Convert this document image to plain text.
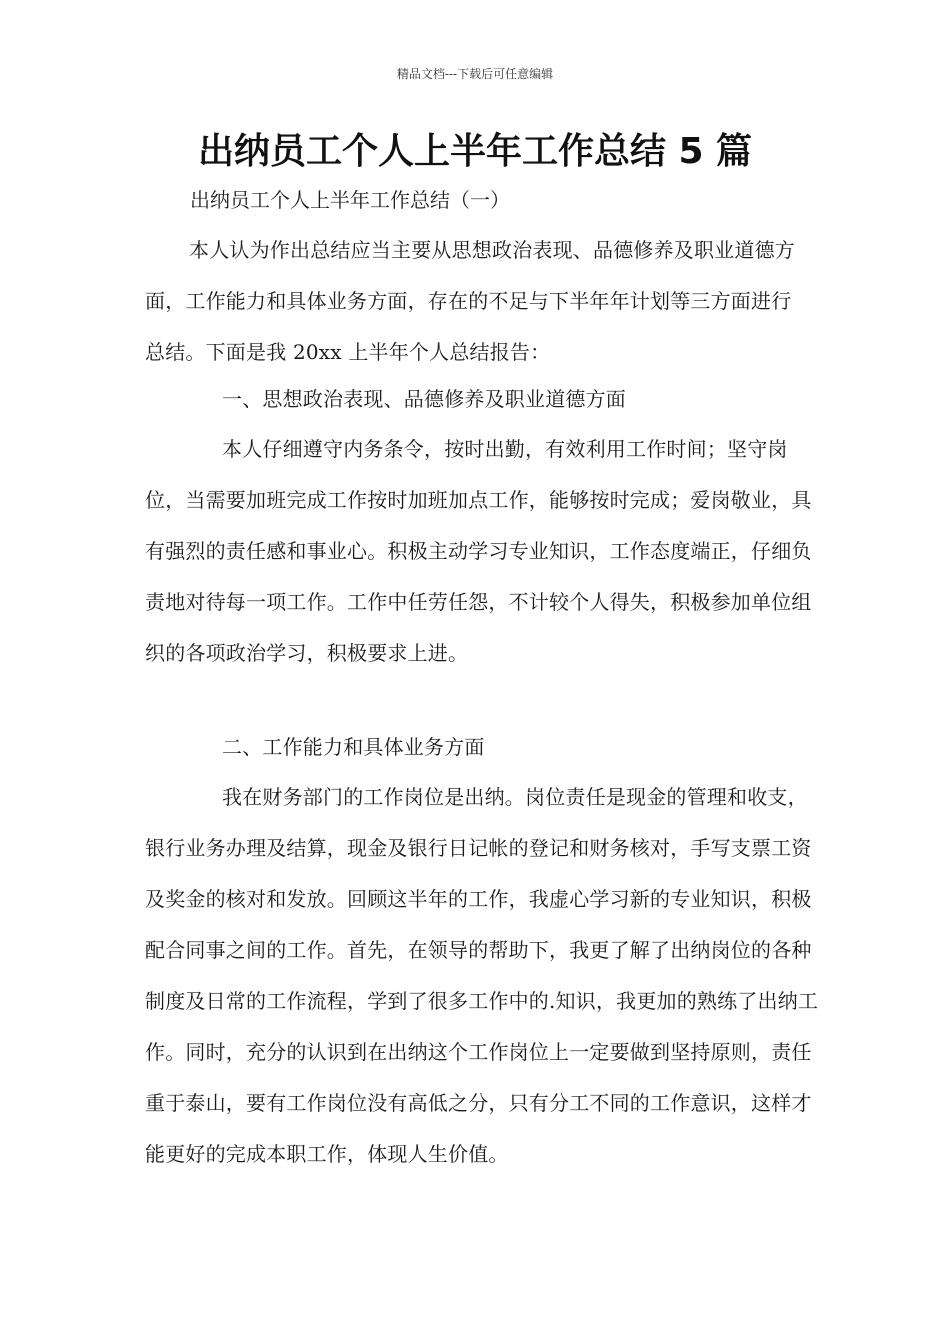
精品文档---下载后可任意编辑
出纳员工个人上半年工作总结 5 篇
出纳员工个人上半年工作总结（一）
本人认为作出总结应当主要从思想政治表现、品德修养及职业道德方面，工作能力和具体业务方面，存在的不足与下半年年计划等三方面进行总结。下面是我 20xx 上半年个人总结报告：
一、思想政治表现、品德修养及职业道德方面
本人仔细遵守内务条令，按时出勤，有效利用工作时间；坚守岗位，当需要加班完成工作按时加班加点工作，能够按时完成；爱岗敬业，具有强烈的责任感和事业心。积极主动学习专业知识，工作态度端正，仔细负责地对待每一项工作。工作中任劳任怨，不计较个人得失，积极参加单位组织的各项政治学习，积极要求上进。
二、工作能力和具体业务方面
我在财务部门的工作岗位是出纳。岗位责任是现金的管理和收支，银行业务办理及结算，现金及银行日记帐的登记和财务核对，手写支票工资及奖金的核对和发放。回顾这半年的工作，我虚心学习新的专业知识，积极配合同事之间的工作。首先，在领导的帮助下，我更了解了出纳岗位的各种制度及日常的工作流程，学到了很多工作中的.知识，我更加的熟练了出纳工作。同时，充分的认识到在出纳这个工作岗位上一定要做到坚持原则，责任重于泰山，要有工作岗位没有高低之分，只有分工不同的工作意识，这样才能更好的完成本职工作，体现人生价值。
